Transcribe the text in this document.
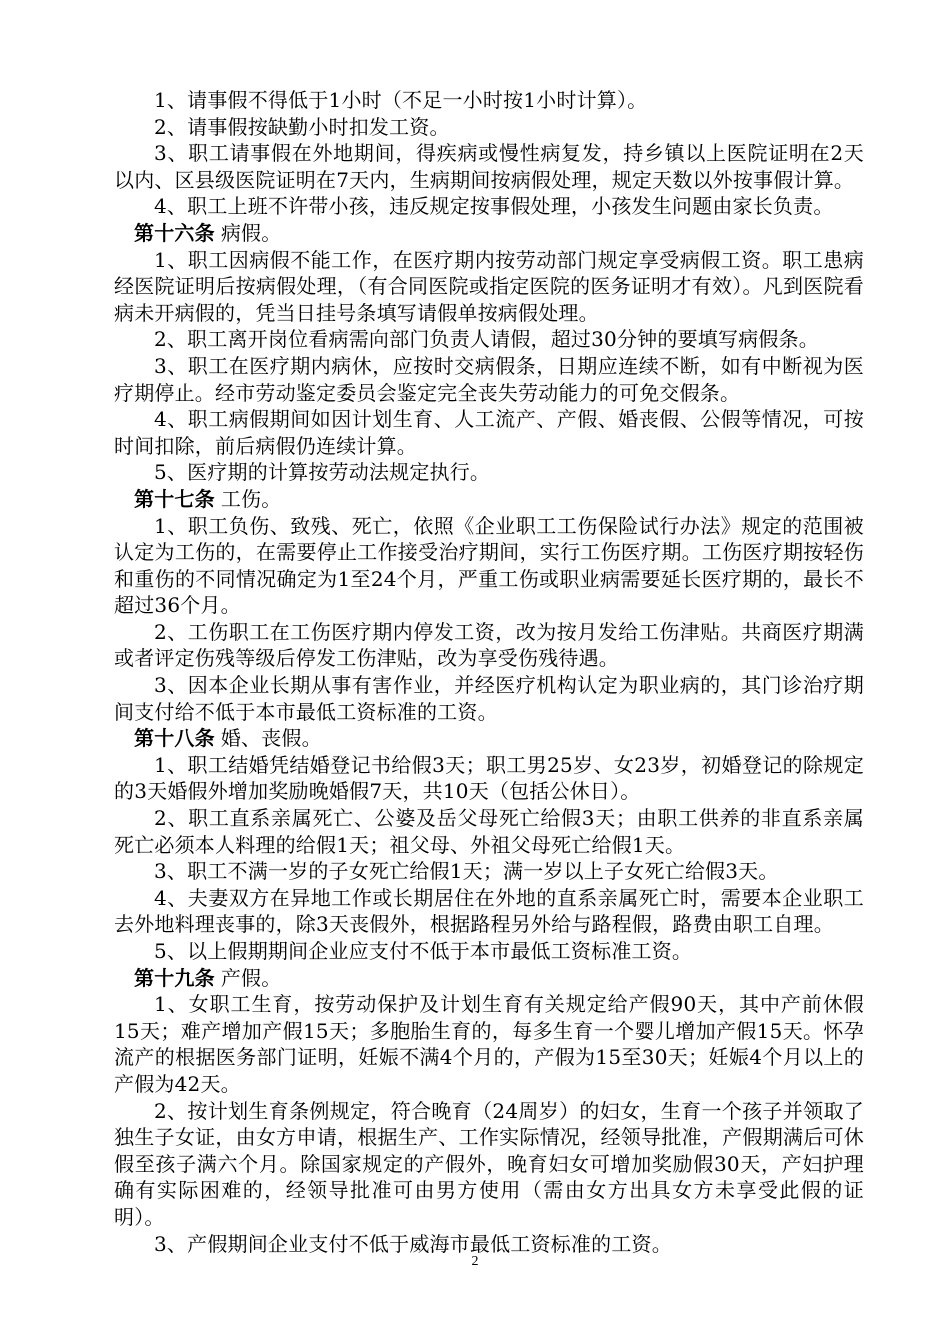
1、请事假不得低于1小时（不足一小时按1小时计算）。

2、请事假按缺勤小时扣发工资。

3、职工请事假在外地期间，得疾病或慢性病复发，持乡镇以上医院证明在2天以内、区县级医院证明在7天内，生病期间按病假处理，规定天数以外按事假计算。

4、职工上班不许带小孩，违反规定按事假处理，小孩发生问题由家长负责。

第十六条 病假。

1、职工因病假不能工作，在医疗期内按劳动部门规定享受病假工资。职工患病经医院证明后按病假处理，（有合同医院或指定医院的医务证明才有效）。凡到医院看病未开病假的，凭当日挂号条填写请假单按病假处理。

2、职工离开岗位看病需向部门负责人请假，超过30分钟的要填写病假条。

3、职工在医疗期内病休，应按时交病假条，日期应连续不断，如有中断视为医疗期停止。经市劳动鉴定委员会鉴定完全丧失劳动能力的可免交假条。

4、职工病假期间如因计划生育、人工流产、产假、婚丧假、公假等情况，可按时间扣除，前后病假仍连续计算。

5、医疗期的计算按劳动法规定执行。

第十七条 工伤。

1、职工负伤、致残、死亡，依照《企业职工工伤保险试行办法》规定的范围被认定为工伤的，在需要停止工作接受治疗期间，实行工伤医疗期。工伤医疗期按轻伤和重伤的不同情况确定为1至24个月，严重工伤或职业病需要延长医疗期的，最长不超过36个月。

2、工伤职工在工伤医疗期内停发工资，改为按月发给工伤津贴。共商医疗期满或者评定伤残等级后停发工伤津贴，改为享受伤残待遇。

3、因本企业长期从事有害作业，并经医疗机构认定为职业病的，其门诊治疗期间支付给不低于本市最低工资标准的工资。

第十八条 婚、丧假。

1、职工结婚凭结婚登记书给假3天；职工男25岁、女23岁，初婚登记的除规定的3天婚假外增加奖励晚婚假7天，共10天（包括公休日）。

2、职工直系亲属死亡、公婆及岳父母死亡给假3天；由职工供养的非直系亲属死亡必须本人料理的给假1天；祖父母、外祖父母死亡给假1天。

3、职工不满一岁的子女死亡给假1天；满一岁以上子女死亡给假3天。

4、夫妻双方在异地工作或长期居住在外地的直系亲属死亡时，需要本企业职工去外地料理丧事的，除3天丧假外，根据路程另外给与路程假，路费由职工自理。

5、以上假期期间企业应支付不低于本市最低工资标准工资。

第十九条 产假。

1、女职工生育，按劳动保护及计划生育有关规定给产假90天，其中产前休假15天；难产增加产假15天；多胞胎生育的，每多生育一个婴儿增加产假15天。怀孕流产的根据医务部门证明，妊娠不满4个月的，产假为15至30天；妊娠4个月以上的产假为42天。

2、按计划生育条例规定，符合晚育（24周岁）的妇女，生育一个孩子并领取了独生子女证，由女方申请，根据生产、工作实际情况，经领导批准，产假期满后可休假至孩子满六个月。除国家规定的产假外，晚育妇女可增加奖励假30天，产妇护理确有实际困难的，经领导批准可由男方使用（需由女方出具女方未享受此假的证明）。

3、产假期间企业支付不低于威海市最低工资标准的工资。

2
